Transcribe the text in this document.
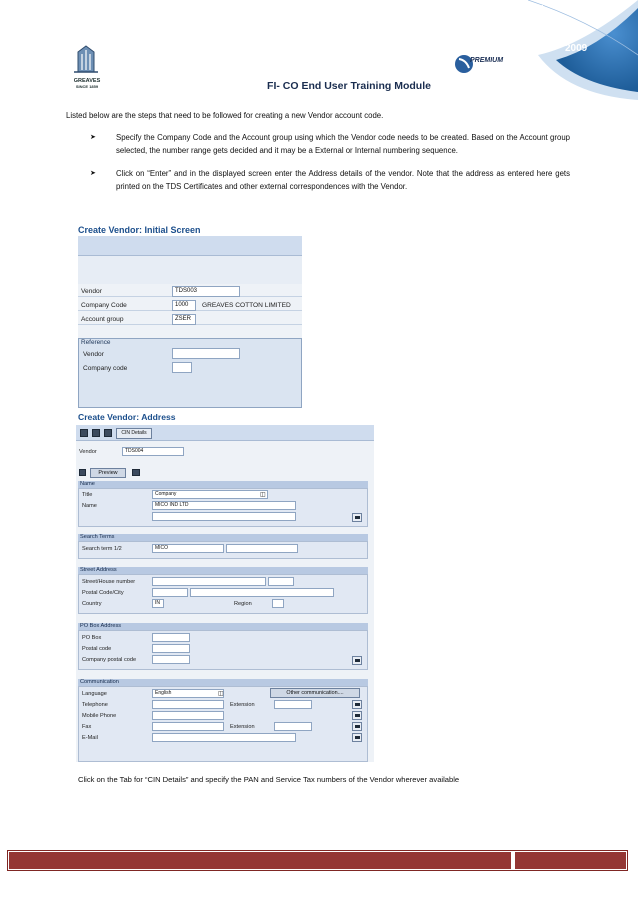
2009
GREAVES
SINCE 1859
PREMIUM
FI- CO End User Training Module
Listed below are the steps that need to be followed for creating a new Vendor account code.
➤	Specify the Company Code and the Account group using which the Vendor code needs to be created. Based on the Account group selected, the number range gets decided and it may be a External or Internal numbering sequence.
➤	Click on “Enter” and in the displayed screen enter the Address details of the vendor. Note that the address as entered here gets printed on the TDS Certificates and other external correspondences with the Vendor.
Create Vendor: Initial Screen
Vendor	TDS003
Company Code	1000	GREAVES COTTON LIMITED
Account group	ZSER
Reference
Vendor
Company code
Create Vendor: Address
CIN Details
Vendor	TDS004
Preview
Name
Title	Company	◫
Name	MICO IND LTD
Search Terms
Search term 1/2	MICO
Street Address
Street/House number
Postal Code/City
Country	IN	Region
PO Box Address
PO Box
Postal code
Company postal code
Communication
Language	English	◫	Other communication....
Telephone	Extension
Mobile Phone
Fax	Extension
E-Mail
Click on the Tab for “CIN Details” and specify the PAN and Service Tax numbers of the Vendor wherever available
Greaves Cotton Limited	Page 24
